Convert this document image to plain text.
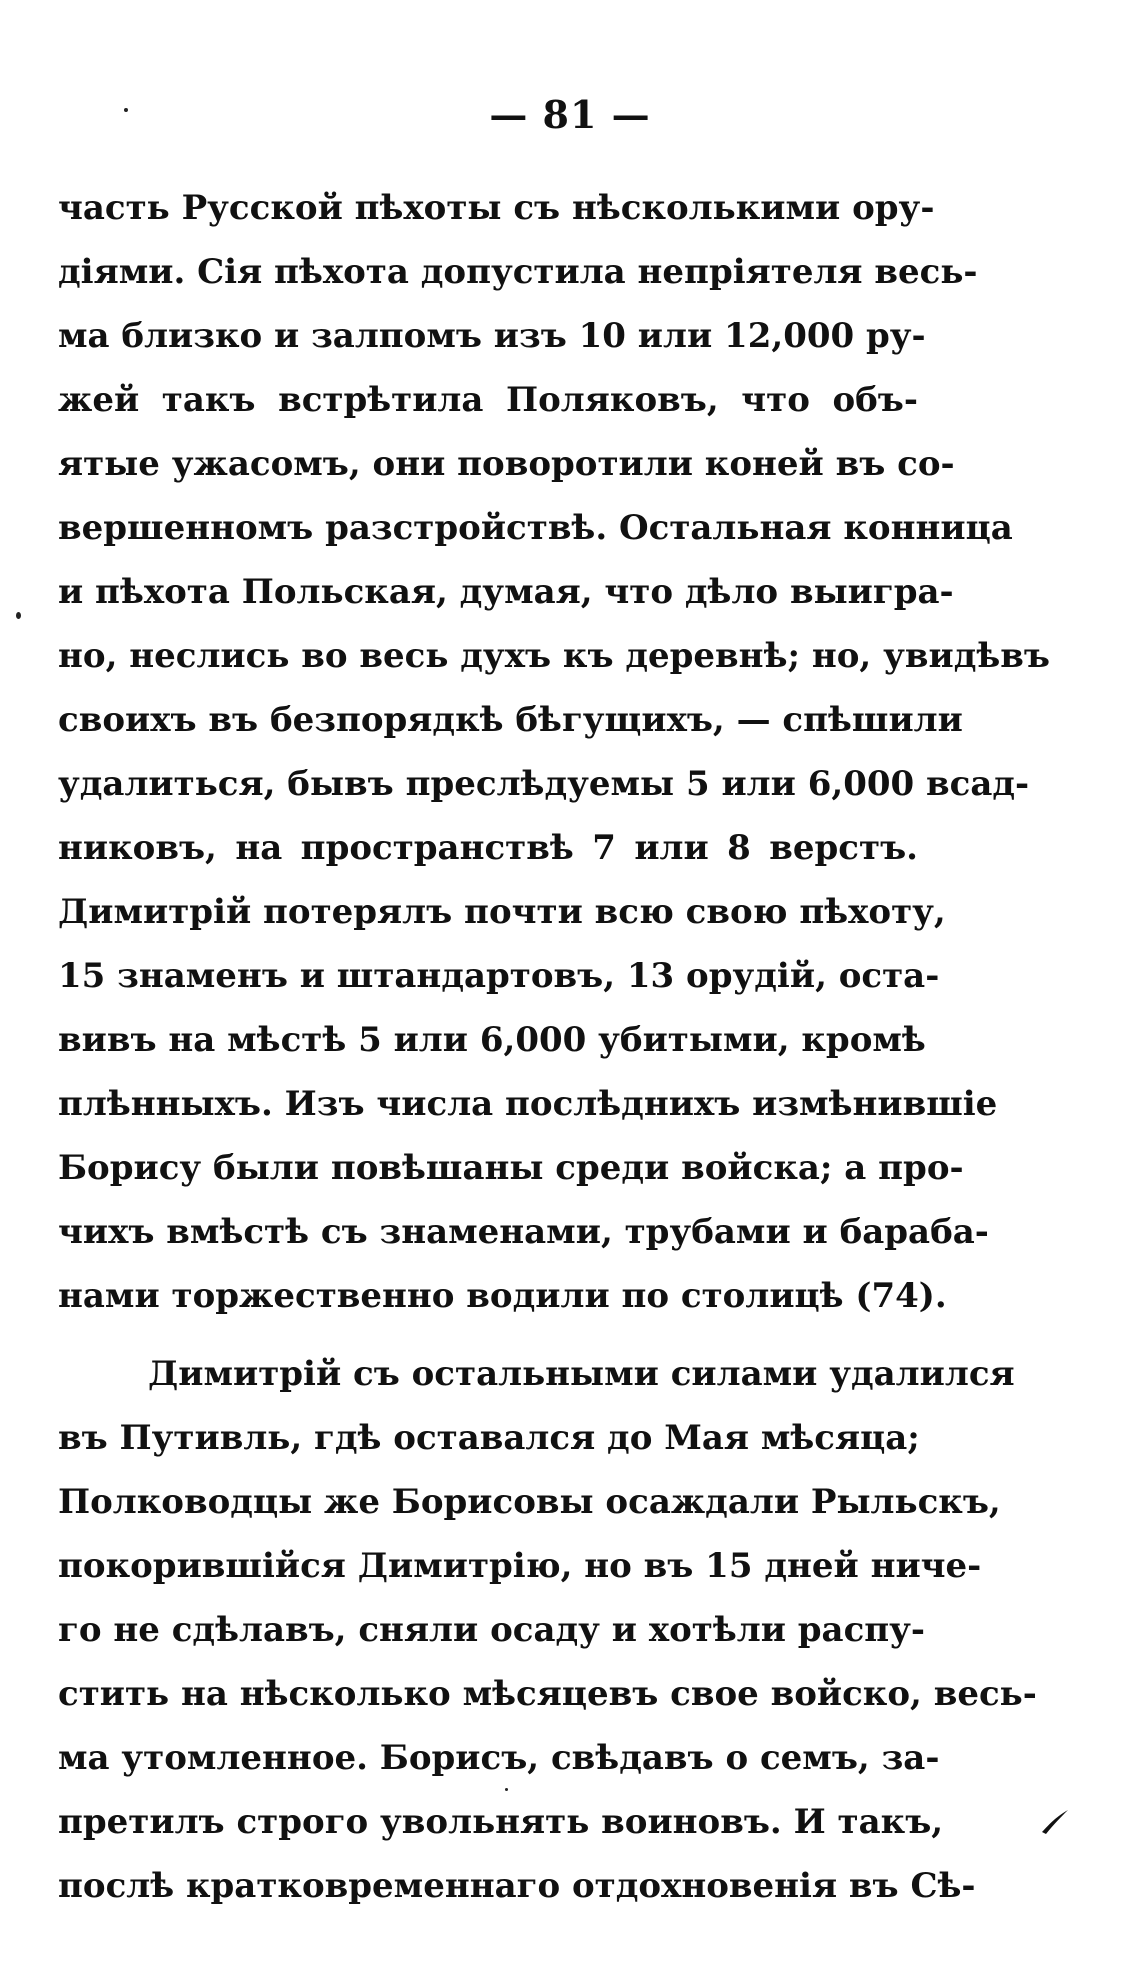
— 81 —
часть Русской пѣхоты съ нѣсколькими ору-
діями. Сія пѣхота допустила непріятеля весь-
ма близко и залпомъ изъ 10 или 12,000 ру-
жей такъ встрѣтила Поляковъ, что объ-
ятые ужасомъ, они поворотили коней въ со-
вершенномъ разстройствѣ. Остальная конница
и пѣхота Польская, думая, что дѣло выигра-
но, неслись во весь духъ къ деревнѣ; но, увидѣвъ
своихъ въ безпорядкѣ бѣгущихъ, — спѣшили
удалиться, бывъ преслѣдуемы 5 или 6,000 всад-
никовъ, на пространствѣ 7 или 8 верстъ.
Димитрій потерялъ почти всю свою пѣхоту,
15 знаменъ и штандартовъ, 13 орудій, оста-
вивъ на мѣстѣ 5 или 6,000 убитыми, кромѣ
плѣнныхъ. Изъ числа послѣднихъ измѣнившіе
Борису были повѣшаны среди войска; а про-
чихъ вмѣстѣ съ знаменами, трубами и бараба-
нами торжественно водили по столицѣ (74).
Димитрій съ остальными силами удалился
въ Путивль, гдѣ оставался до Мая мѣсяца;
Полководцы же Борисовы осаждали Рыльскъ,
покорившійся Димитрію, но въ 15 дней ниче-
го не сдѣлавъ, сняли осаду и хотѣли распу-
стить на нѣсколько мѣсяцевъ свое войско, весь-
ма утомленное. Борисъ, свѣдавъ о семъ, за-
претилъ строго увольнять воиновъ. И такъ,
послѣ кратковременнаго отдохновенія въ Сѣ-
